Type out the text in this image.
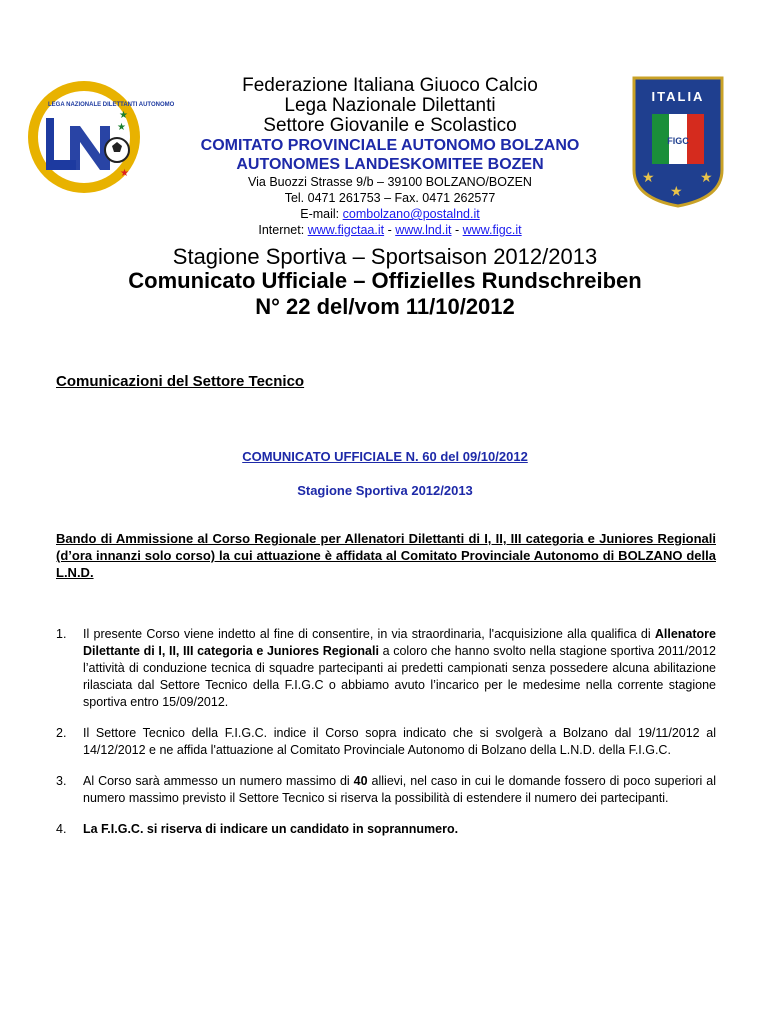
LEGA NAZIONALE DILETTANTI AUTONOMO
★
★
★
ITALIA
FIGC
★	★
★
Federazione Italiana Giuoco Calcio
Lega Nazionale Dilettanti
Settore Giovanile e Scolastico
COMITATO PROVINCIALE AUTONOMO BOLZANO
AUTONOMES LANDESKOMITEE BOZEN
Via Buozzi Strasse 9/b – 39100 BOLZANO/BOZEN
Tel. 0471 261753 – Fax. 0471 262577
E-mail: combolzano@postalnd.it
Internet: www.figctaa.it - www.lnd.it - www.figc.it
Stagione Sportiva – Sportsaison 2012/2013
Comunicato Ufficiale – Offizielles Rundschreiben
N° 22 del/vom 11/10/2012
Comunicazioni del Settore Tecnico
COMUNICATO UFFICIALE N. 60 del 09/10/2012
Stagione Sportiva 2012/2013
Bando di Ammissione al Corso Regionale per Allenatori Dilettanti di I, II, III categoria e Juniores Regionali (d’ora innanzi solo corso) la cui attuazione è affidata al Comitato Provinciale Autonomo di BOLZANO della L.N.D.
1.	Il presente Corso viene indetto al fine di consentire, in via straordinaria, l'acquisizione alla qualifica di Allenatore Dilettante di I, II, III categoria e Juniores Regionali a coloro che hanno svolto nella stagione sportiva 2011/2012 l’attività di conduzione tecnica di squadre partecipanti ai predetti campionati senza possedere alcuna abilitazione rilasciata dal Settore Tecnico della F.I.G.C o abbiamo avuto l’incarico per le medesime nella corrente stagione sportiva entro 15/09/2012.
2.	Il Settore Tecnico della F.I.G.C. indice il Corso sopra indicato che si svolgerà a Bolzano dal 19/11/2012 al 14/12/2012 e ne affida l'attuazione al Comitato Provinciale Autonomo di Bolzano della L.N.D. della F.I.G.C.
3.	Al Corso sarà ammesso un numero massimo di 40 allievi, nel caso in cui le domande fossero di poco superiori al numero massimo previsto il Settore Tecnico si riserva la possibilità di estendere il numero dei partecipanti.
4.	La F.I.G.C. si riserva di indicare un candidato in soprannumero.
